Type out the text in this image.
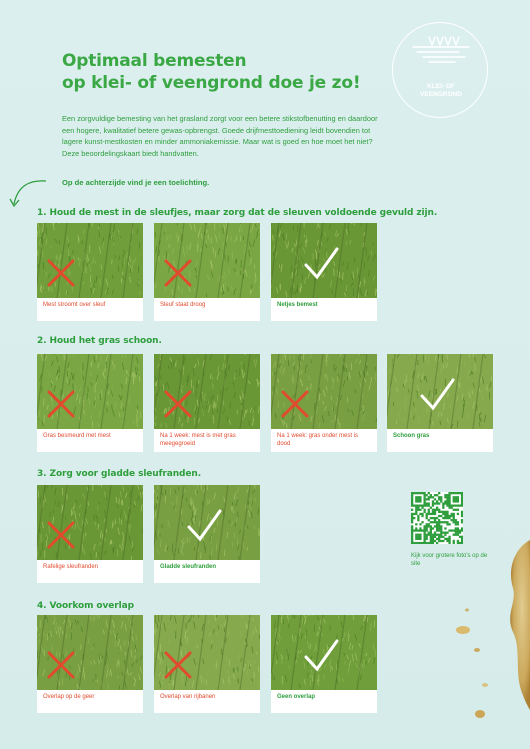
Optimaal bemesten
op klei- of veengrond doe je zo!	KLEI- OF
VEENGROND

Een zorgvuldige bemesting van het grasland zorgt voor een betere stikstofbenutting en daardoor een hogere, kwalitatief betere gewas-opbrengst. Goede drijfmesttoediening leidt bovendien tot lagere kunst-mestkosten en minder ammoniakemissie. Maar wat is goed en hoe moet het niet? Deze beoordelingskaart biedt handvatten.

Op de achterzijde vind je een toelichting.
1. Houd de mest in de sleufjes, maar zorg dat de sleuven voldoende gevuld zijn.
Mest stroomt over sleuf	Sleuf staat droog	Netjes bemest
2. Houd het gras schoon.
Gras besmeurd met mest	Na 1 week: mest is met gras meegegroeid
Na 1 week: gras onder mest is dood
Schoon gras
3. Zorg voor gladde sleufranden.
Rafelige sleufranden	Gladde sleufranden
Kijk voor grotere foto's op de site
4. Voorkom overlap
Overlap op de geer	Overlap van rijbanen	Geen overlap
